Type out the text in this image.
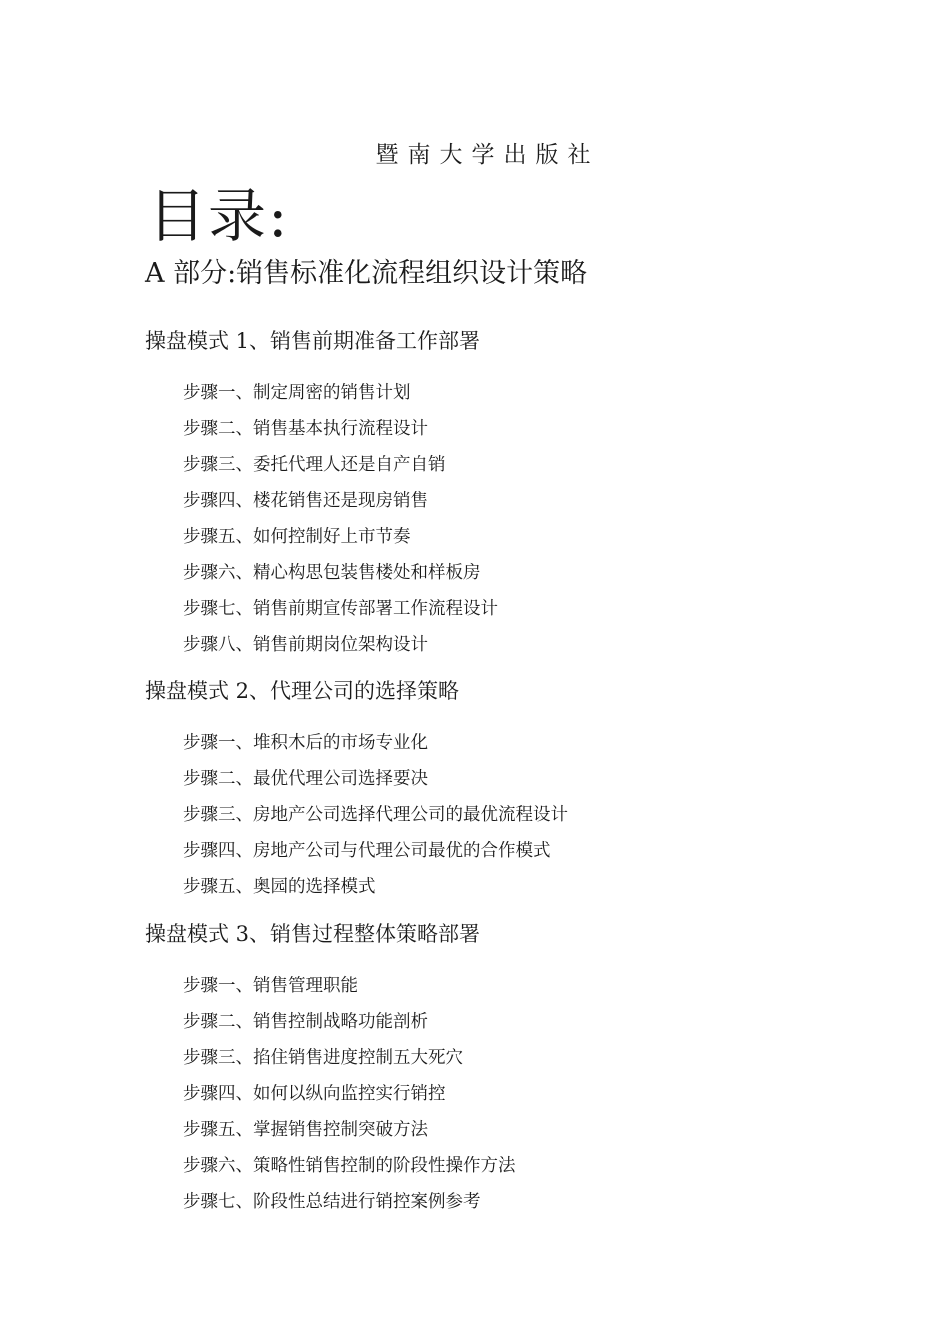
暨南大学出版社
目录:
A 部分:销售标准化流程组织设计策略

操盘模式 1、销售前期准备工作部署

步骤一、制定周密的销售计划
步骤二、销售基本执行流程设计
步骤三、委托代理人还是自产自销
步骤四、楼花销售还是现房销售
步骤五、如何控制好上市节奏
步骤六、精心构思包装售楼处和样板房
步骤七、销售前期宣传部署工作流程设计
步骤八、销售前期岗位架构设计

操盘模式 2、代理公司的选择策略

步骤一、堆积木后的市场专业化
步骤二、最优代理公司选择要决
步骤三、房地产公司选择代理公司的最优流程设计
步骤四、房地产公司与代理公司最优的合作模式
步骤五、奥园的选择模式

操盘模式 3、销售过程整体策略部署

步骤一、销售管理职能
步骤二、销售控制战略功能剖析
步骤三、掐住销售进度控制五大死穴
步骤四、如何以纵向监控实行销控
步骤五、掌握销售控制突破方法
步骤六、策略性销售控制的阶段性操作方法
步骤七、阶段性总结进行销控案例参考
